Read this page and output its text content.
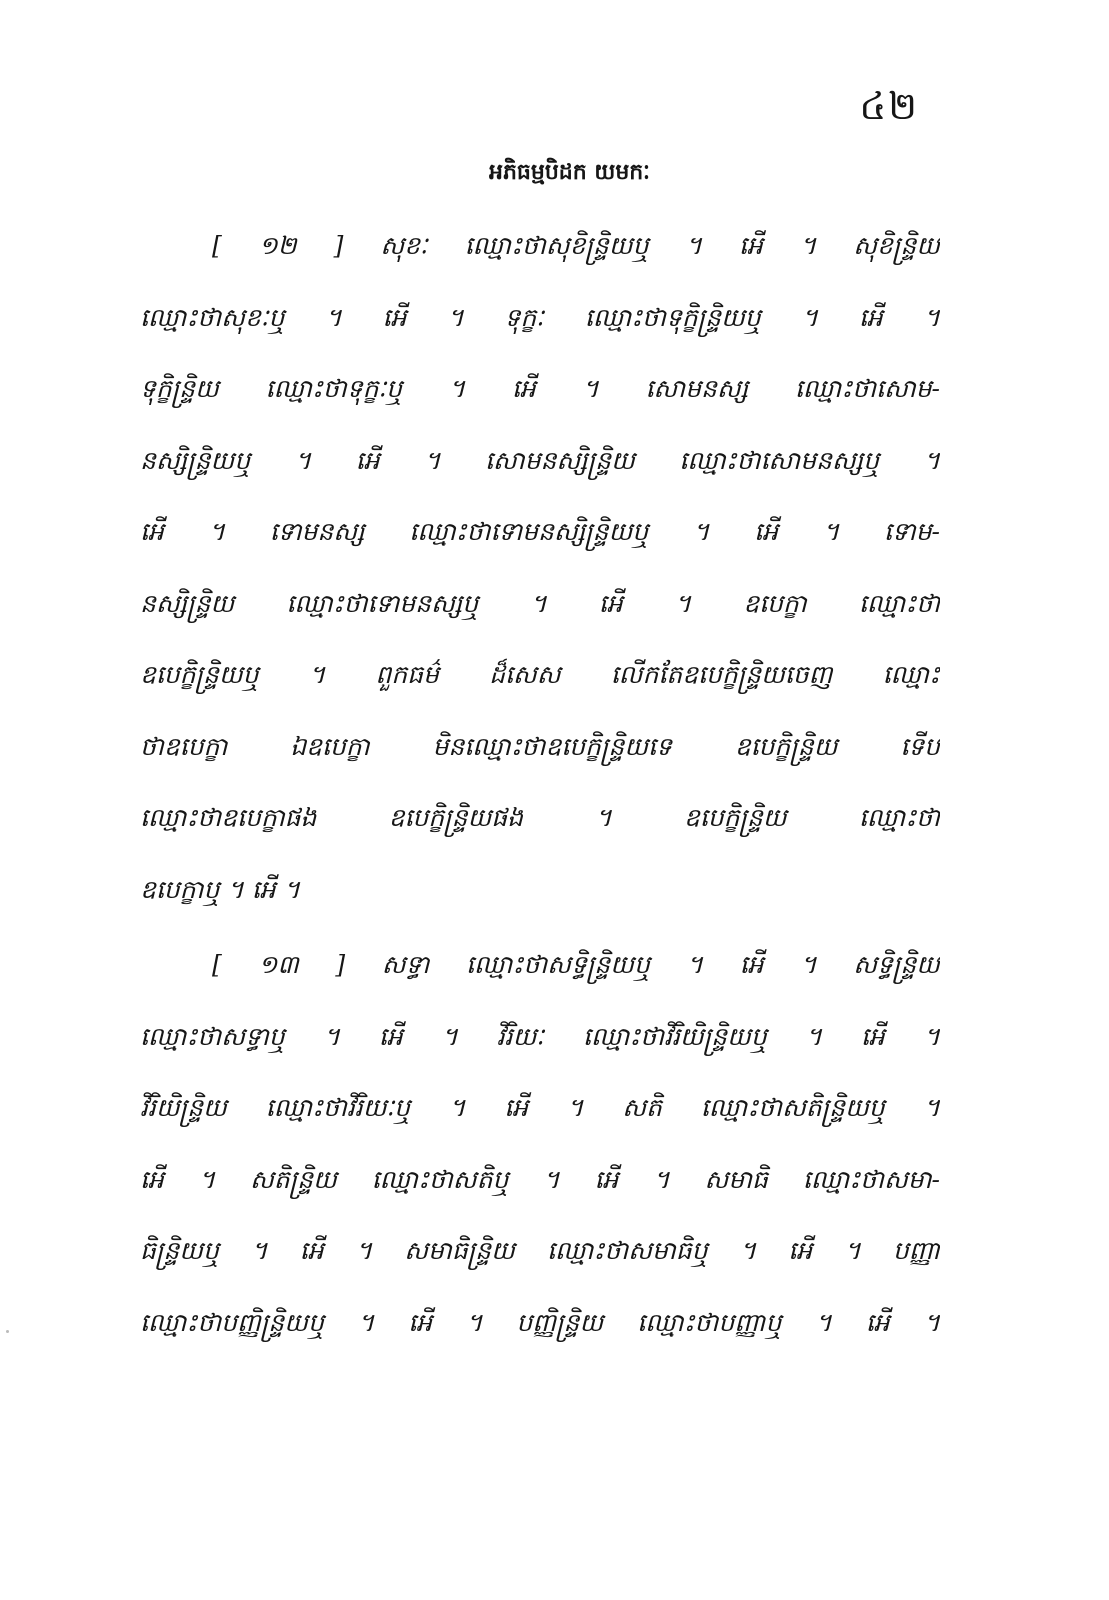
៤២
អភិធម្មបិដក យមកៈ
[ ១២ ] សុខៈ ឈ្មោះថាសុខិន្ទ្រិយឬ ។ អើ ។ សុខិន្ទ្រិយ
ឈ្មោះថាសុខៈឬ ។ អើ ។ ទុក្ខៈ ឈ្មោះថាទុក្ខិន្ទ្រិយឬ ។ អើ ។
ទុក្ខិន្ទ្រិយ ឈ្មោះថាទុក្ខៈឬ ។ អើ ។ សោមនស្ស ឈ្មោះថាសោម-
នស្សិន្ទ្រិយឬ ។ អើ ។ សោមនស្សិន្ទ្រិយ ឈ្មោះថាសោមនស្សឬ ។
អើ ។ ទោមនស្ស ឈ្មោះថាទោមនស្សិន្ទ្រិយឬ ។ អើ ។ ទោម-
នស្សិន្ទ្រិយ ឈ្មោះថាទោមនស្សឬ ។ អើ ។ ឧបេក្ខា ឈ្មោះថា
ឧបេក្ខិន្ទ្រិយឬ ។ ពួកធម៌ ដ៏សេស លើកតែឧបេក្ខិន្ទ្រិយចេញ ឈ្មោះ
ថាឧបេក្ខា ឯឧបេក្ខា មិនឈ្មោះថាឧបេក្ខិន្ទ្រិយទេ ឧបេក្ខិន្ទ្រិយ ទើប
ឈ្មោះថាឧបេក្ខាផង ឧបេក្ខិន្ទ្រិយផង ។ ឧបេក្ខិន្ទ្រិយ ឈ្មោះថា
ឧបេក្ខាឬ ។ អើ ។
[ ១៣ ] សទ្ធា ឈ្មោះថាសទ្ធិន្ទ្រិយឬ ។ អើ ។ សទ្ធិន្ទ្រិយ
ឈ្មោះថាសទ្ធាឬ ។ អើ ។ វិរិយៈ ឈ្មោះថាវិរិយិន្ទ្រិយឬ ។ អើ ។
វិរិយិន្ទ្រិយ ឈ្មោះថាវិរិយៈឬ ។ អើ ។ សតិ ឈ្មោះថាសតិន្ទ្រិយឬ ។
អើ ។ សតិន្ទ្រិយ ឈ្មោះថាសតិឬ ។ អើ ។ សមាធិ ឈ្មោះថាសមា-
ធិន្ទ្រិយឬ ។ អើ ។ សមាធិន្ទ្រិយ ឈ្មោះថាសមាធិឬ ។ អើ ។ បញ្ញា
ឈ្មោះថាបញ្ញិន្ទ្រិយឬ ។ អើ ។ បញ្ញិន្ទ្រិយ ឈ្មោះថាបញ្ញាឬ ។ អើ ។
